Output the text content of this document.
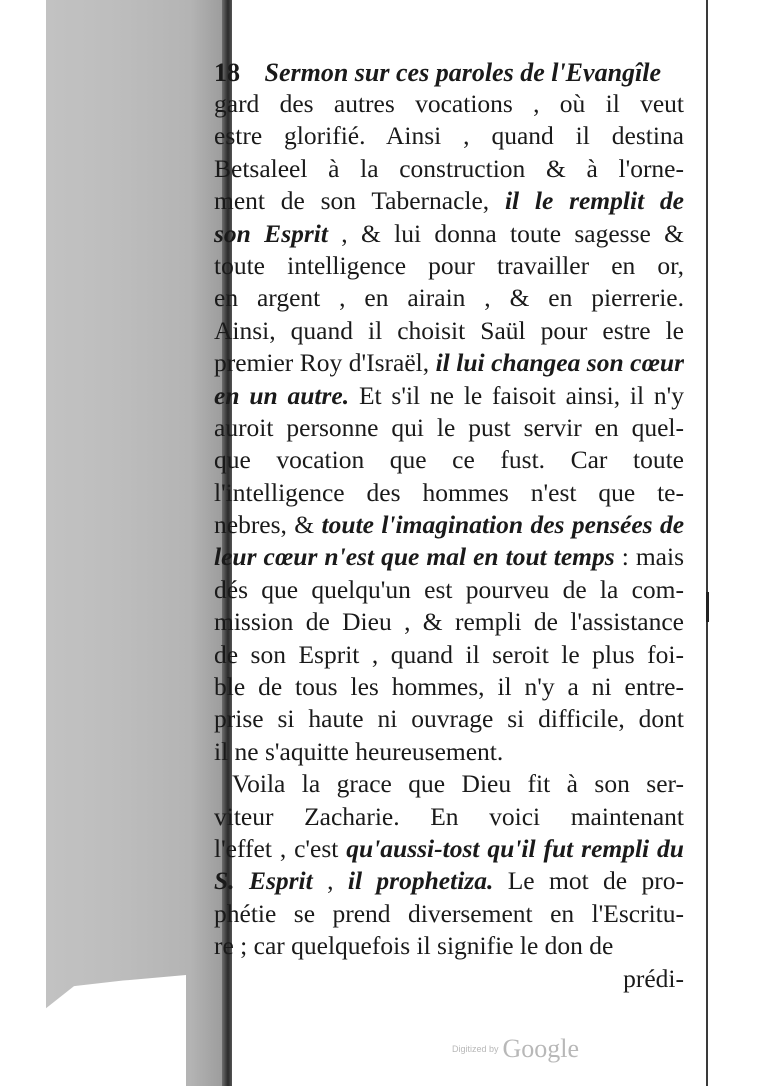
18 Sermon sur ces paroles de l'Evangîle
gard des autres vocations , où il veut
estre glorifié. Ainsi , quand il destina
Betsaleel à la construction & à l'orne-
ment de son Tabernacle, il le remplit de
son Esprit , & lui donna toute sagesse &
toute intelligence pour travailler en or,
en argent , en airain , & en pierrerie.
Ainsi, quand il choisit Saül pour estre le
premier Roy d'Israël, il lui changea son cœur
en un autre. Et s'il ne le faisoit ainsi, il n'y
auroit personne qui le pust servir en quel-
que vocation que ce fust. Car toute
l'intelligence des hommes n'est que te-
nebres, & toute l'imagination des pensées de
leur cœur n'est que mal en tout temps : mais
dés que quelqu'un est pourveu de la com-
mission de Dieu , & rempli de l'assistance
de son Esprit , quand il seroit le plus foi-
ble de tous les hommes, il n'y a ni entre-
prise si haute ni ouvrage si difficile, dont
il ne s'aquitte heureusement.
Voila la grace que Dieu fit à son ser-
viteur Zacharie. En voici maintenant
l'effet , c'est qu'aussi-tost qu'il fut rempli du
S. Esprit , il prophetiza. Le mot de pro-
phétie se prend diversement en l'Escritu-
re ; car quelquefois il signifie le don de
prédi-
Digitized by Google
